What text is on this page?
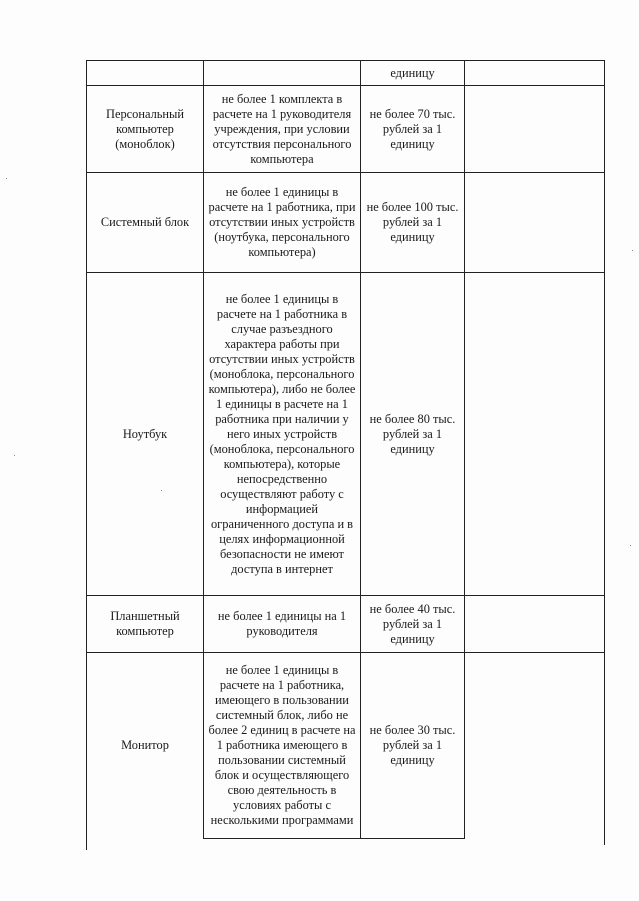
единицу
Персональный компьютер (моноблок)
не более 1 комплекта в расчете на 1 руководителя учреждения, при условии отсутствия персонального компьютера
не более 70 тыс. рублей за 1 единицу
Системный блок
не более 1 единицы в расчете на 1 работника, при отсутствии иных устройств (ноутбука, персонального компьютера)
не более 100 тыс. рублей за 1 единицу
Ноутбук
не более 1 единицы в расчете на 1 работника в случае разъездного характера работы при отсутствии иных устройств (моноблока, персонального компьютера), либо не более 1 единицы в расчете на 1 работника при наличии у него иных устройств (моноблока, персонального компьютера), которые непосредственно осуществляют работу с информацией ограниченного доступа и в целях информационной безопасности не имеют доступа в интернет
не более 80 тыс. рублей за 1 единицу
Планшетный компьютер
не более 1 единицы на 1 руководителя
не более 40 тыс. рублей за 1 единицу
Монитор
не более 1 единицы в расчете на 1 работника, имеющего в пользовании системный блок, либо не более 2 единиц в расчете на 1 работника имеющего в пользовании системный блок и осуществляющего свою деятельность в условиях работы с несколькими программами
не более 30 тыс. рублей за 1 единицу
